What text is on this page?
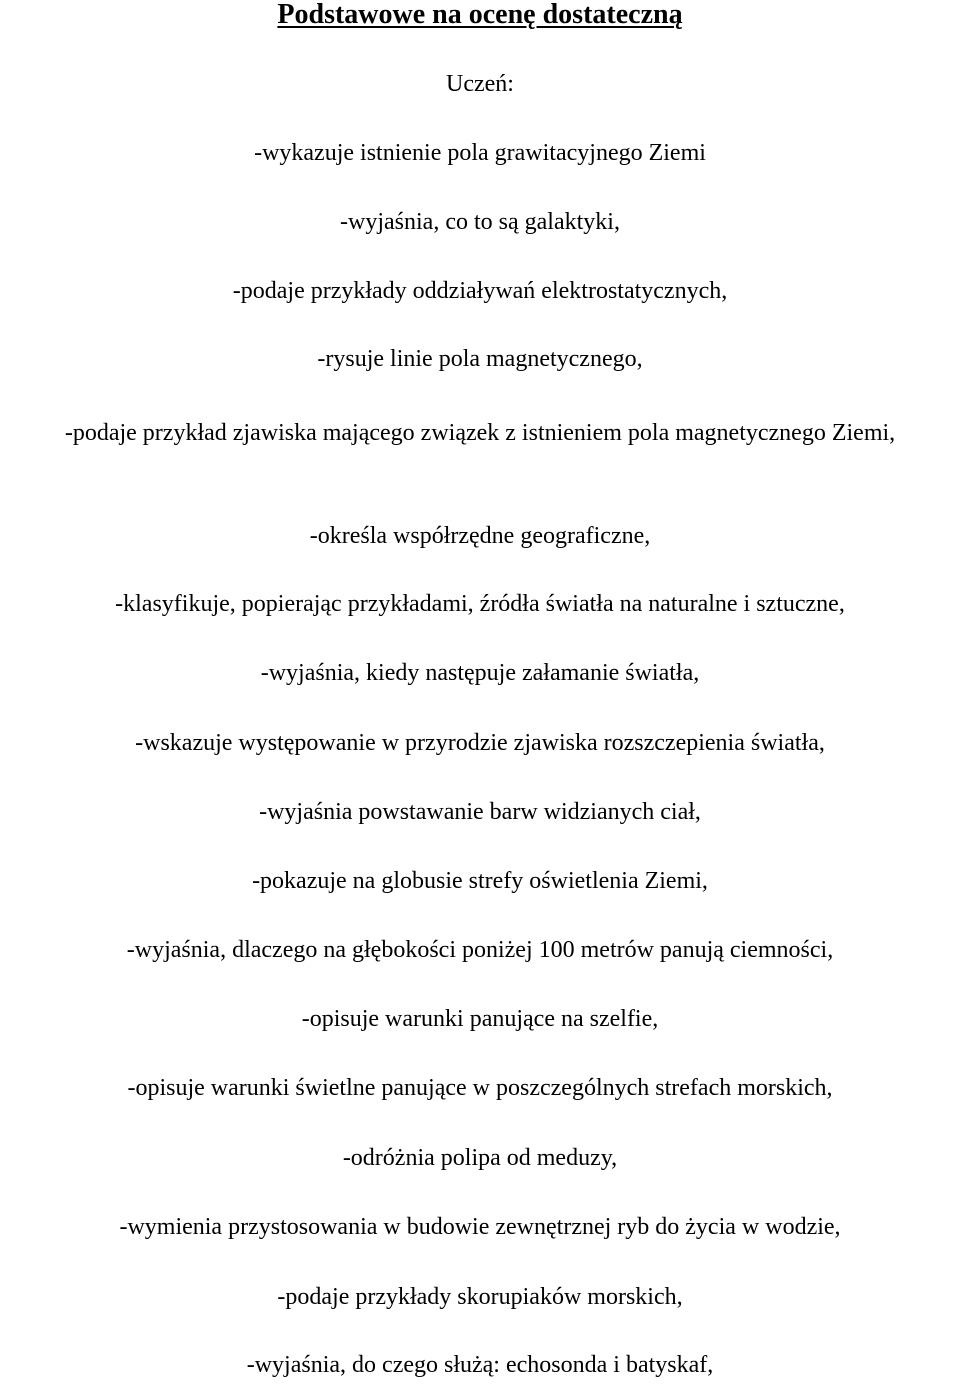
Podstawowe na ocenę dostateczną
Uczeń:
-wykazuje istnienie pola grawitacyjnego Ziemi
-wyjaśnia, co to są galaktyki,
-podaje przykłady oddziaływań elektrostatycznych,
-rysuje linie pola magnetycznego,
-podaje przykład zjawiska mającego związek z istnieniem pola magnetycznego Ziemi,
-określa współrzędne geograficzne,
-klasyfikuje, popierając przykładami, źródła światła na naturalne i sztuczne,
-wyjaśnia, kiedy następuje załamanie światła,
-wskazuje występowanie w przyrodzie zjawiska rozszczepienia światła,
-wyjaśnia powstawanie barw widzianych ciał,
-pokazuje na globusie strefy oświetlenia Ziemi,
-wyjaśnia, dlaczego na głębokości poniżej 100 metrów panują ciemności,
-opisuje warunki panujące na szelfie,
-opisuje warunki świetlne panujące w poszczególnych strefach morskich,
-odróżnia polipa od meduzy,
-wymienia przystosowania w budowie zewnętrznej ryb do życia w wodzie,
-podaje przykłady skorupiaków morskich,
-wyjaśnia, do czego służą: echosonda i batyskaf,
